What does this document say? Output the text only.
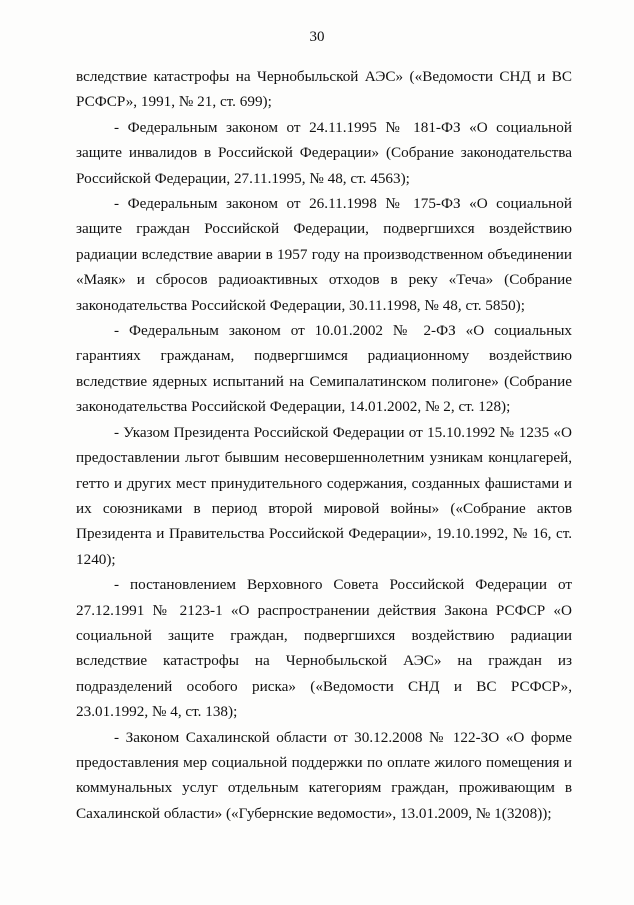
30

вследствие катастрофы на Чернобыльской АЭС» («Ведомости СНД и ВС РСФСР», 1991, № 21, ст. 699);

- Федеральным законом от 24.11.1995 № 181-ФЗ «О социальной защите инвалидов в Российской Федерации» (Собрание законодательства Российской Федерации, 27.11.1995, № 48, ст. 4563);

- Федеральным законом от 26.11.1998 № 175-ФЗ «О социальной защите граждан Российской Федерации, подвергшихся воздействию радиации вследствие аварии в 1957 году на производственном объединении «Маяк» и сбросов радиоактивных отходов в реку «Теча» (Собрание законодательства Российской Федерации, 30.11.1998, № 48, ст. 5850);

- Федеральным законом от 10.01.2002 № 2-ФЗ «О социальных гарантиях гражданам, подвергшимся радиационному воздействию вследствие ядерных испытаний на Семипалатинском полигоне» (Собрание законодательства Российской Федерации, 14.01.2002, № 2, ст. 128);

- Указом Президента Российской Федерации от 15.10.1992 № 1235 «О предоставлении льгот бывшим несовершеннолетним узникам концлагерей, гетто и других мест принудительного содержания, созданных фашистами и их союзниками в период второй мировой войны» («Собрание актов Президента и Правительства Российской Федерации», 19.10.1992, № 16, ст. 1240);

- постановлением Верховного Совета Российской Федерации от 27.12.1991 № 2123-1 «О распространении действия Закона РСФСР «О социальной защите граждан, подвергшихся воздействию радиации вследствие катастрофы на Чернобыльской АЭС» на граждан из подразделений особого риска» («Ведомости СНД и ВС РСФСР», 23.01.1992, № 4, ст. 138);

- Законом Сахалинской области от 30.12.2008 № 122-ЗО «О форме предоставления мер социальной поддержки по оплате жилого помещения и коммунальных услуг отдельным категориям граждан, проживающим в Сахалинской области» («Губернские ведомости», 13.01.2009, № 1(3208));
